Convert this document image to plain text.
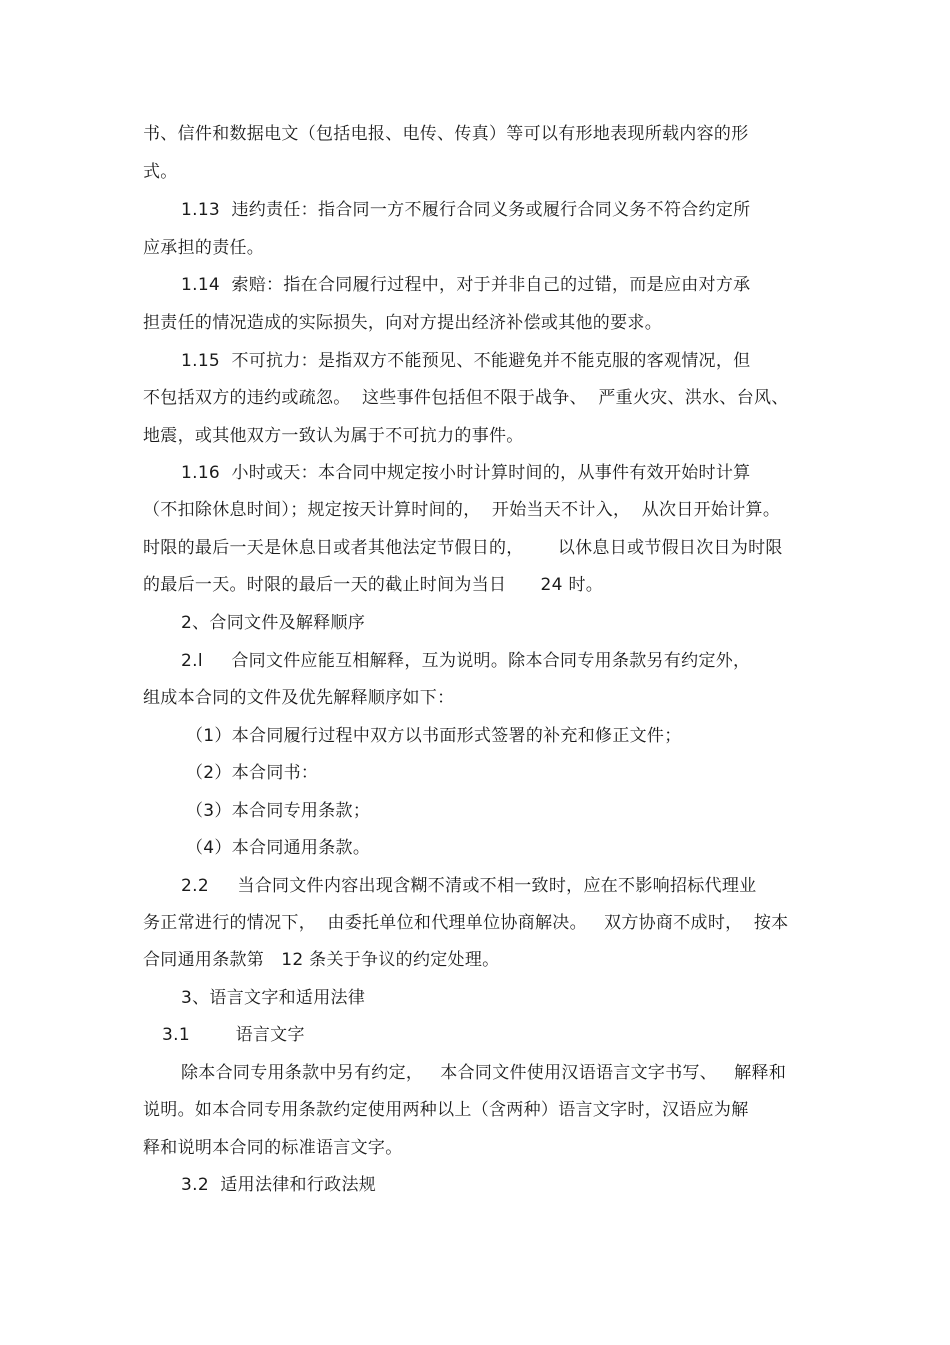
书、信件和数据电文（包括电报、电传、传真）等可以有形地表现所载内容的形
式。
1.13  违约责任：指合同一方不履行合同义务或履行合同义务不符合约定所
应承担的责任。
1.14  索赔：指在合同履行过程中，对于并非自己的过错，而是应由对方承
担责任的情况造成的实际损失，向对方提出经济补偿或其他的要求。
1.15  不可抗力：是指双方不能预见、不能避免并不能克服的客观情况，但
不包括双方的违约或疏忽。  这些事件包括但不限于战争、  严重火灾、洪水、台风、
地震，或其他双方一致认为属于不可抗力的事件。
1.16  小时或天：本合同中规定按小时计算时间的，从事件有效开始时计算
（不扣除休息时间）；规定按天计算时间的，  开始当天不计入，  从次日开始计算。
时限的最后一天是休息日或者其他法定节假日的，      以休息日或节假日次日为时限
的最后一天。时限的最后一天的截止时间为当日      24 时。
2、合同文件及解释顺序
2.l     合同文件应能互相解释，互为说明。除本合同专用条款另有约定外，
组成本合同的文件及优先解释顺序如下：
（1）本合同履行过程中双方以书面形式签署的补充和修正文件；
（2）本合同书：
（3）本合同专用条款；
（4）本合同通用条款。
2.2     当合同文件内容出现含糊不清或不相一致时，应在不影响招标代理业
务正常进行的情况下，  由委托单位和代理单位协商解决。   双方协商不成时，  按本
合同通用条款第   12 条关于争议的约定处理。
3、语言文字和适用法律
3.1        语言文字
除本合同专用条款中另有约定，   本合同文件使用汉语语言文字书写、   解释和
说明。如本合同专用条款约定使用两种以上（含两种）语言文字时，汉语应为解
释和说明本合同的标准语言文字。
3.2  适用法律和行政法规
